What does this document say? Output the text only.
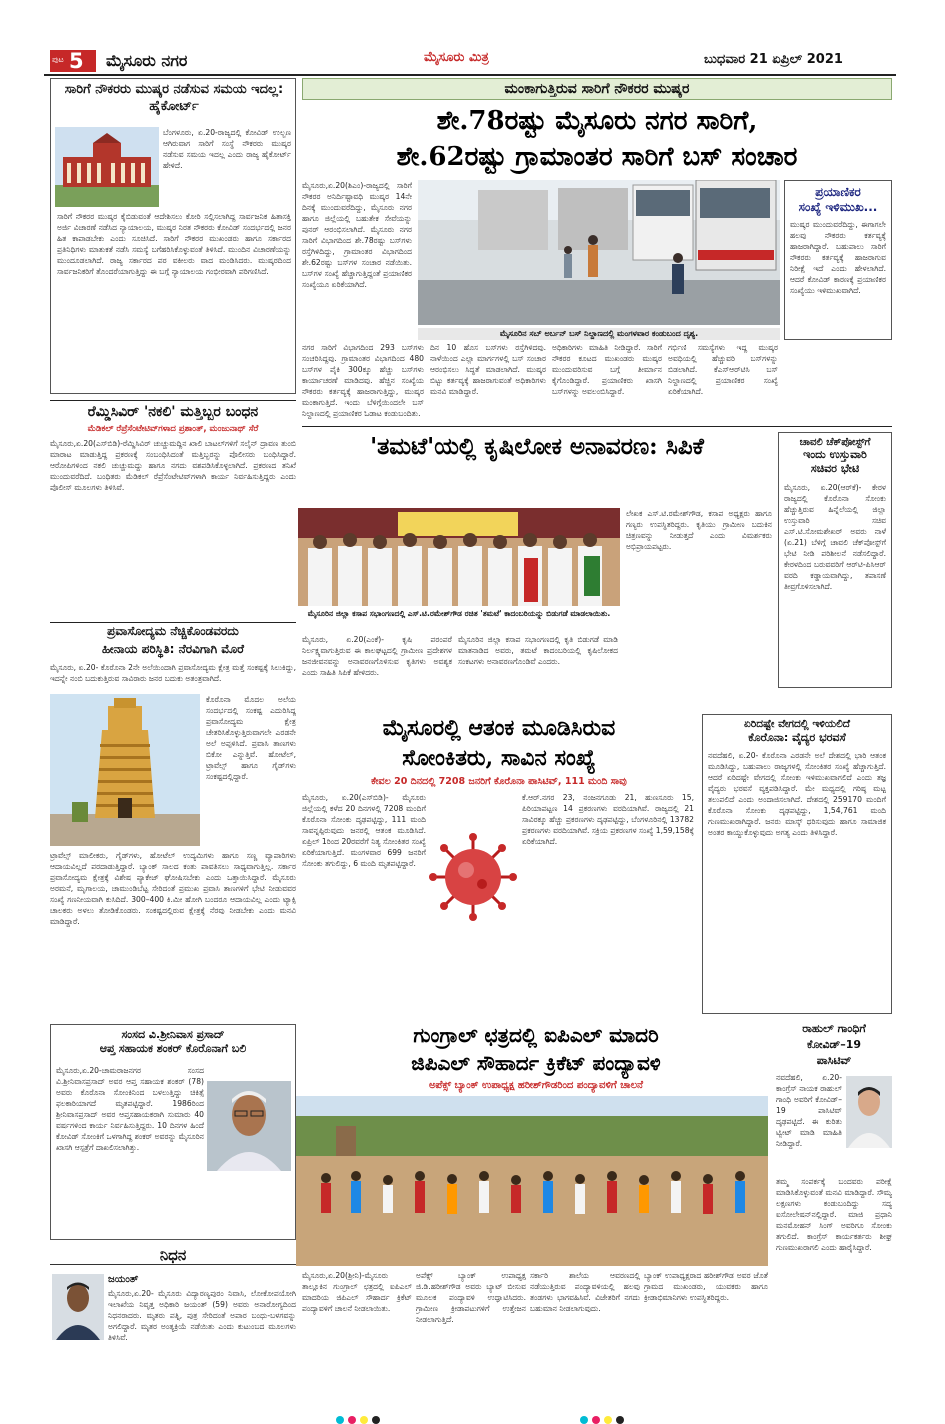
ಪುಟ 5 ಮೈಸೂರು ನಗರ	ಮೈಸೂರು ಮಿತ್ರ	ಬುಧವಾರ 21 ಏಪ್ರಿಲ್ 2021
ಸಾರಿಗೆ ನೌಕರರು ಮುಷ್ಕರ ನಡೆಸುವ ಸಮಯ ಇದಲ್ಲ: ಹೈಕೋರ್ಟ್
ಬೆಂಗಳೂರು, ಏ.20-ರಾಜ್ಯದಲ್ಲಿ ಕೋವಿಡ್ ಉಲ್ಬಣ ಆಗಿರುವಾಗ ಸಾರಿಗೆ ಸಂಸ್ಥೆ ನೌಕರರು ಮುಷ್ಕರ ನಡೆಸುವ ಸಮಯ ಇದಲ್ಲ ಎಂದು ರಾಜ್ಯ ಹೈಕೋರ್ಟ್ ಹೇಳಿದೆ.
ಸಾರಿಗೆ ನೌಕರರ ಮುಷ್ಕರ ಕೈಬಿಡುವಂತೆ ಆದೇಶಿಸಲು ಕೋರಿ ಸಲ್ಲಿಸಲಾಗಿದ್ದ ಸಾರ್ವಜನಿಕ ಹಿತಾಸಕ್ತಿ ಅರ್ಜಿ ವಿಚಾರಣೆ ನಡೆಸಿದ ನ್ಯಾಯಾಲಯ, ಮುಷ್ಕರ ನಿರತ ನೌಕರರು ಕೋವಿಡ್ ಸಂದರ್ಭದಲ್ಲಿ ಜನರ ಹಿತ ಕಾಪಾಡಬೇಕು ಎಂದು ಸೂಚಿಸಿದೆ. ಸಾರಿಗೆ ನೌಕರರ ಮುಖಂಡರು ಹಾಗೂ ಸರ್ಕಾರದ ಪ್ರತಿನಿಧಿಗಳು ಮಾತುಕತೆ ನಡೆಸಿ ಸಮಸ್ಯೆ ಬಗೆಹರಿಸಿಕೊಳ್ಳುವಂತೆ ತಿಳಿಸಿದೆ. ಮುಂದಿನ ವಿಚಾರಣೆಯನ್ನು ಮುಂದೂಡಲಾಗಿದೆ. ರಾಜ್ಯ ಸರ್ಕಾರದ ಪರ ವಕೀಲರು ವಾದ ಮಂಡಿಸಿದರು. ಮುಷ್ಕರದಿಂದ ಸಾರ್ವಜನಿಕರಿಗೆ ತೊಂದರೆಯಾಗುತ್ತಿದ್ದು ಈ ಬಗ್ಗೆ ನ್ಯಾಯಾಲಯ ಗಂಭೀರವಾಗಿ ಪರಿಗಣಿಸಿದೆ.
ಮಂಕಾಗುತ್ತಿರುವ ಸಾರಿಗೆ ನೌಕರರ ಮುಷ್ಕರ
ಶೇ.78ರಷ್ಟು ಮೈಸೂರು ನಗರ ಸಾರಿಗೆ,
ಶೇ.62ರಷ್ಟು ಗ್ರಾಮಾಂತರ ಸಾರಿಗೆ ಬಸ್ ಸಂಚಾರ
ಮೈಸೂರು,ಏ.20(ಶಿಎಂ)-ರಾಜ್ಯದಲ್ಲಿ ಸಾರಿಗೆ ನೌಕರರ ಅನಿರ್ದಿಷ್ಟಾವಧಿ ಮುಷ್ಕರ 14ನೇ ದಿನಕ್ಕೆ ಮುಂದುವರೆದಿದ್ದು, ಮೈಸೂರು ನಗರ ಹಾಗೂ ಜಿಲ್ಲೆಯಲ್ಲಿ ಬಹುತೇಕ ಸೇವೆಯನ್ನು ಪುನರ್ ಆರಂಭಿಸಲಾಗಿದೆ. ಮೈಸೂರು ನಗರ ಸಾರಿಗೆ ವಿಭಾಗದಿಂದ ಶೇ.78ರಷ್ಟು ಬಸ್‌ಗಳು ರಸ್ತೆಗಿಳಿದಿದ್ದು, ಗ್ರಾಮಾಂತರ ವಿಭಾಗದಿಂದ ಶೇ.62ರಷ್ಟು ಬಸ್‌ಗಳ ಸಂಚಾರ ನಡೆಯಿತು. ಬಸ್‌ಗಳ ಸಂಖ್ಯೆ ಹೆಚ್ಚಾಗುತ್ತಿದ್ದಂತೆ ಪ್ರಯಾಣಿಕರ ಸಂಖ್ಯೆಯೂ ಏರಿಕೆಯಾಗಿದೆ.
ಮೈಸೂರಿನ ಸಬ್ ಅರ್ಬನ್ ಬಸ್ ನಿಲ್ದಾಣದಲ್ಲಿ ಮಂಗಳವಾರ ಕಂಡುಬಂದ ದೃಶ್ಯ.
ನಗರ ಸಾರಿಗೆ ವಿಭಾಗದಿಂದ 293 ಬಸ್‌ಗಳು ಸಂಚರಿಸಿದ್ದವು. ಗ್ರಾಮಾಂತರ ವಿಭಾಗದಿಂದ 480 ಬಸ್‌ಗಳ ಪೈಕಿ 300ಕ್ಕೂ ಹೆಚ್ಚು ಬಸ್‌ಗಳು ಕಾರ್ಯಾಚರಣೆ ಮಾಡಿದವು. ಹೆಚ್ಚಿನ ಸಂಖ್ಯೆಯ ನೌಕರರು ಕರ್ತವ್ಯಕ್ಕೆ ಹಾಜರಾಗುತ್ತಿದ್ದು, ಮುಷ್ಕರ ಮಂಕಾಗುತ್ತಿದೆ. ಇಂದು ಬೆಳಿಗ್ಗೆಯಿಂದಲೇ ಬಸ್ ನಿಲ್ದಾಣದಲ್ಲಿ ಪ್ರಯಾಣಿಕರ ಓಡಾಟ ಕಂಡುಬಂದಿತು.
ದಿನ 10 ಹೊಸ ಬಸ್‌ಗಳು ರಸ್ತೆಗಿಳಿದವು. ನಾಳೆಯಿಂದ ಎಲ್ಲಾ ಮಾರ್ಗಗಳಲ್ಲಿ ಬಸ್ ಸಂಚಾರ ಆರಂಭಿಸಲು ಸಿದ್ಧತೆ ಮಾಡಲಾಗಿದೆ. ಮುಷ್ಕರ ಬಿಟ್ಟು ಕರ್ತವ್ಯಕ್ಕೆ ಹಾಜರಾಗುವಂತೆ ಅಧಿಕಾರಿಗಳು ಮನವಿ ಮಾಡಿದ್ದಾರೆ.
ಅಧಿಕಾರಿಗಳು ಮಾಹಿತಿ ನೀಡಿದ್ದಾರೆ. ಸಾರಿಗೆ ನೌಕರರ ಕೂಟದ ಮುಖಂಡರು ಮುಷ್ಕರ ಮುಂದುವರಿಸುವ ಬಗ್ಗೆ ತೀರ್ಮಾನ ಕೈಗೊಂಡಿದ್ದಾರೆ. ಪ್ರಯಾಣಿಕರು ಖಾಸಗಿ ಬಸ್‌ಗಳನ್ನು ಅವಲಂಬಿಸಿದ್ದಾರೆ.
ಗರ್ಭಿಣಿ ಸಮಸ್ಯೆಗಳು ಇದ್ದ ಮುಷ್ಕರ ಅವಧಿಯಲ್ಲಿ ಹೆಚ್ಚುವರಿ ಬಸ್‌ಗಳನ್ನು ಬಿಡಲಾಗಿದೆ. ಕೆಎಸ್‌ಆರ್‌ಟಿಸಿ ಬಸ್ ನಿಲ್ದಾಣದಲ್ಲಿ ಪ್ರಯಾಣಿಕರ ಸಂಖ್ಯೆ ಏರಿಕೆಯಾಗಿದೆ.
ಪ್ರಯಾಣಿಕರ
ಸಂಖ್ಯೆ ಇಳಿಮುಖ...
ಮುಷ್ಕರ ಮುಂದುವರೆದಿದ್ದು, ಈಗಾಗಲೇ ಹಲವು ನೌಕರರು ಕರ್ತವ್ಯಕ್ಕೆ ಹಾಜರಾಗಿದ್ದಾರೆ. ಬಹುಪಾಲು ಸಾರಿಗೆ ನೌಕರರು ಕರ್ತವ್ಯಕ್ಕೆ ಹಾಜರಾಗುವ ನಿರೀಕ್ಷೆ ಇದೆ ಎಂದು ಹೇಳಲಾಗಿದೆ. ಆದರೆ ಕೋವಿಡ್ ಕಾರಣಕ್ಕೆ ಪ್ರಯಾಣಿಕರ ಸಂಖ್ಯೆಯು ಇಳಿಮುಖವಾಗಿದೆ.
ರೆಮ್ಡಿಸಿವಿರ್ 'ನಕಲಿ' ಮತ್ತಿಬ್ಬರ ಬಂಧನ
ಮೆಡಿಕಲ್ ರೆಪ್ರೆಸೆಂಟೇಟಿವ್‌ಗಳಾದ ಪ್ರಶಾಂತ್, ಮಂಜುನಾಥ್ ಸೆರೆ
ಮೈಸೂರು,ಏ.20(ಎಸ್‌ಬಿಡಿ)-ರೆಮ್ಡಿಸಿವಿರ್ ಚುಚ್ಚುಮದ್ದಿನ ಖಾಲಿ ಬಾಟಲ್‌ಗಳಿಗೆ ಸಲೈನ್ ದ್ರಾವಣ ತುಂಬಿ ಮಾರಾಟ ಮಾಡುತ್ತಿದ್ದ ಪ್ರಕರಣಕ್ಕೆ ಸಂಬಂಧಿಸಿದಂತೆ ಮತ್ತಿಬ್ಬರನ್ನು ಪೊಲೀಸರು ಬಂಧಿಸಿದ್ದಾರೆ. ಆರೋಪಿಗಳಿಂದ ನಕಲಿ ಚುಚ್ಚುಮದ್ದು ಹಾಗೂ ನಗದು ವಶಪಡಿಸಿಕೊಳ್ಳಲಾಗಿದೆ. ಪ್ರಕರಣದ ತನಿಖೆ ಮುಂದುವರೆದಿದೆ. ಬಂಧಿತರು ಮೆಡಿಕಲ್ ರೆಪ್ರೆಸೆಂಟೇಟಿವ್‌ಗಳಾಗಿ ಕಾರ್ಯ ನಿರ್ವಹಿಸುತ್ತಿದ್ದರು ಎಂದು ಪೊಲೀಸ್ ಮೂಲಗಳು ತಿಳಿಸಿವೆ.
'ತಮಟೆ'ಯಲ್ಲಿ ಕೃಷಿಲೋಕ ಅನಾವರಣ: ಸಿಪಿಕೆ
ಮೈಸೂರಿನ ಜಿಲ್ಲಾ ಕಸಾಪ ಸಭಾಂಗಣದಲ್ಲಿ ಎಸ್.ಟಿ.ರಮೇಶ್‌ಗೌಡ ರಚಿತ 'ತಮಟೆ' ಕಾದಂಬರಿಯನ್ನು ಬಿಡುಗಡೆ ಮಾಡಲಾಯಿತು.
ಲೇಖಕ ಎಸ್.ಟಿ.ರಮೇಶ್‌ಗೌಡ, ಕಸಾಪ ಅಧ್ಯಕ್ಷರು ಹಾಗೂ ಗಣ್ಯರು ಉಪಸ್ಥಿತರಿದ್ದರು. ಕೃತಿಯು ಗ್ರಾಮೀಣ ಬದುಕಿನ ಚಿತ್ರಣವನ್ನು ನೀಡುತ್ತದೆ ಎಂದು ವಿಮರ್ಶಕರು ಅಭಿಪ್ರಾಯಪಟ್ಟರು.
ಮೈಸೂರು, ಏ.20(ಎಂಕೆ)- ಕೃಷಿ ಪರಂಪರೆ ನಿರ್ಲಕ್ಷ್ಯವಾಗುತ್ತಿರುವ ಈ ಕಾಲಘಟ್ಟದಲ್ಲಿ ಗ್ರಾಮೀಣ ಪ್ರದೇಶಗಳ ಜನಜೀವನವನ್ನು ಅನಾವರಣಗೊಳಿಸುವ ಕೃತಿಗಳು ಅವಶ್ಯಕ ಎಂದು ಸಾಹಿತಿ ಸಿಪಿಕೆ ಹೇಳಿದರು.
ಮೈಸೂರಿನ ಜಿಲ್ಲಾ ಕಸಾಪ ಸಭಾಂಗಣದಲ್ಲಿ ಕೃತಿ ಬಿಡುಗಡೆ ಮಾಡಿ ಮಾತನಾಡಿದ ಅವರು, ತಮಟೆ ಕಾದಂಬರಿಯಲ್ಲಿ ಕೃಷಿಲೋಕದ ಸಂಕಟಗಳು ಅನಾವರಣಗೊಂಡಿವೆ ಎಂದರು.
ಚಾವಲಿ ಚೆಕ್‌ಪೋಸ್ಟ್‌ಗೆ
ಇಂದು ಉಸ್ತುವಾರಿ
ಸಚಿವರ ಭೇಟಿ
ಮೈಸೂರು, ಏ.20(ಆರ್‌ಕೆ)- ಕೇರಳ ರಾಜ್ಯದಲ್ಲಿ ಕೊರೊನಾ ಸೋಂಕು ಹೆಚ್ಚುತ್ತಿರುವ ಹಿನ್ನೆಲೆಯಲ್ಲಿ ಜಿಲ್ಲಾ ಉಸ್ತುವಾರಿ ಸಚಿವ ಎಸ್.ಟಿ.ಸೋಮಶೇಖರ್ ಅವರು ನಾಳೆ (ಏ.21) ಬೆಳಿಗ್ಗೆ ಚಾವಲಿ ಚೆಕ್‌ಪೋಸ್ಟ್‌ಗೆ ಭೇಟಿ ನೀಡಿ ಪರಿಶೀಲನೆ ನಡೆಸಲಿದ್ದಾರೆ. ಕೇರಳದಿಂದ ಬರುವವರಿಗೆ ಆರ್‌ಟಿ-ಪಿಸಿಆರ್ ವರದಿ ಕಡ್ಡಾಯವಾಗಿದ್ದು, ತಪಾಸಣೆ ತೀವ್ರಗೊಳಿಸಲಾಗಿದೆ.
ಪ್ರವಾಸೋದ್ಯಮ ನೆಚ್ಚಿಕೊಂಡವರದು
ಹೀನಾಯ ಪರಿಸ್ಥಿತಿ: ನೆರವಿಗಾಗಿ ಮೊರೆ
ಮೈಸೂರು, ಏ.20- ಕೊರೊನಾ 2ನೇ ಅಲೆಯಿಂದಾಗಿ ಪ್ರವಾಸೋದ್ಯಮ ಕ್ಷೇತ್ರ ಮತ್ತೆ ಸಂಕಷ್ಟಕ್ಕೆ ಸಿಲುಕಿದ್ದು, ಇದನ್ನೇ ನಂಬಿ ಬದುಕುತ್ತಿರುವ ಸಾವಿರಾರು ಜನರ ಬದುಕು ಅತಂತ್ರವಾಗಿದೆ.
ಕೊರೊನಾ ಮೊದಲ ಅಲೆಯ ಸಂದರ್ಭದಲ್ಲಿ ಸಂಕಷ್ಟ ಎದುರಿಸಿದ್ದ ಪ್ರವಾಸೋದ್ಯಮ ಕ್ಷೇತ್ರ ಚೇತರಿಸಿಕೊಳ್ಳುತ್ತಿರುವಾಗಲೇ ಎರಡನೇ ಅಲೆ ಅಪ್ಪಳಿಸಿದೆ. ಪ್ರವಾಸಿ ತಾಣಗಳು ಬಿಕೋ ಎನ್ನುತ್ತಿವೆ. ಹೋಟೆಲ್, ಟ್ರಾವೆಲ್ಸ್ ಹಾಗೂ ಗೈಡ್‌ಗಳು ಸಂಕಷ್ಟದಲ್ಲಿದ್ದಾರೆ.
ಟ್ರಾವೆಲ್ಸ್ ಮಾಲೀಕರು, ಗೈಡ್‌ಗಳು, ಹೋಟೆಲ್ ಉದ್ಯಮಿಗಳು ಹಾಗೂ ಸಣ್ಣ ವ್ಯಾಪಾರಿಗಳು ಆದಾಯವಿಲ್ಲದೆ ಪರದಾಡುತ್ತಿದ್ದಾರೆ. ಬ್ಯಾಂಕ್ ಸಾಲದ ಕಂತು ಪಾವತಿಸಲು ಸಾಧ್ಯವಾಗುತ್ತಿಲ್ಲ. ಸರ್ಕಾರ ಪ್ರವಾಸೋದ್ಯಮ ಕ್ಷೇತ್ರಕ್ಕೆ ವಿಶೇಷ ಪ್ಯಾಕೇಜ್ ಘೋಷಿಸಬೇಕು ಎಂದು ಒತ್ತಾಯಿಸಿದ್ದಾರೆ. ಮೈಸೂರು ಅರಮನೆ, ಮೃಗಾಲಯ, ಚಾಮುಂಡಿಬೆಟ್ಟ ಸೇರಿದಂತೆ ಪ್ರಮುಖ ಪ್ರವಾಸಿ ತಾಣಗಳಿಗೆ ಭೇಟಿ ನೀಡುವವರ ಸಂಖ್ಯೆ ಗಣನೀಯವಾಗಿ ಕುಸಿದಿದೆ. 300–400 ಕಿ.ಮೀ ಹೋಗಿ ಬಂದರೂ ಆದಾಯವಿಲ್ಲ ಎಂದು ಟ್ಯಾಕ್ಸಿ ಚಾಲಕರು ಅಳಲು ತೋಡಿಕೊಂಡರು. ಸಂಕಷ್ಟದಲ್ಲಿರುವ ಕ್ಷೇತ್ರಕ್ಕೆ ನೆರವು ನೀಡಬೇಕು ಎಂದು ಮನವಿ ಮಾಡಿದ್ದಾರೆ.
ಮೈಸೂರಲ್ಲಿ ಆತಂಕ ಮೂಡಿಸಿರುವ
ಸೋಂಕಿತರು, ಸಾವಿನ ಸಂಖ್ಯೆ
ಕೇವಲ 20 ದಿನದಲ್ಲಿ 7208 ಜನರಿಗೆ ಕೊರೊನಾ ಪಾಸಿಟಿವ್, 111 ಮಂದಿ ಸಾವು
ಮೈಸೂರು, ಏ.20(ಎಸ್‌ಬಿಡಿ)- ಮೈಸೂರು ಜಿಲ್ಲೆಯಲ್ಲಿ ಕಳೆದ 20 ದಿನಗಳಲ್ಲಿ 7208 ಮಂದಿಗೆ ಕೊರೊನಾ ಸೋಂಕು ದೃಢಪಟ್ಟಿದ್ದು, 111 ಮಂದಿ ಸಾವನ್ನಪ್ಪಿರುವುದು ಜನರಲ್ಲಿ ಆತಂಕ ಮೂಡಿಸಿದೆ. ಏಪ್ರಿಲ್ 1ರಿಂದ 20ರವರೆಗೆ ನಿತ್ಯ ಸೋಂಕಿತರ ಸಂಖ್ಯೆ ಏರಿಕೆಯಾಗುತ್ತಿದೆ. ಮಂಗಳವಾರ 699 ಜನರಿಗೆ ಸೋಂಕು ತಗುಲಿದ್ದು, 6 ಮಂದಿ ಮೃತಪಟ್ಟಿದ್ದಾರೆ.
ಕೆ.ಆರ್.ನಗರ 23, ನಂಜನಗೂಡು 21, ಹುಣಸೂರು 15, ಪಿರಿಯಾಪಟ್ಟಣ 14 ಪ್ರಕರಣಗಳು ವರದಿಯಾಗಿವೆ. ರಾಜ್ಯದಲ್ಲಿ 21 ಸಾವಿರಕ್ಕೂ ಹೆಚ್ಚು ಪ್ರಕರಣಗಳು ದೃಢಪಟ್ಟಿದ್ದು, ಬೆಂಗಳೂರಿನಲ್ಲಿ 13782 ಪ್ರಕರಣಗಳು ವರದಿಯಾಗಿವೆ. ಸಕ್ರಿಯ ಪ್ರಕರಣಗಳ ಸಂಖ್ಯೆ 1,59,158ಕ್ಕೆ ಏರಿಕೆಯಾಗಿದೆ.
ಏರಿದಷ್ಟೇ ವೇಗದಲ್ಲಿ ಇಳಿಯಲಿದೆ
ಕೊರೊನಾ: ವೈದ್ಯರ ಭರವಸೆ
ನವದೆಹಲಿ, ಏ.20- ಕೊರೊನಾ ಎರಡನೇ ಅಲೆ ದೇಶದಲ್ಲಿ ಭಾರಿ ಆತಂಕ ಮೂಡಿಸಿದ್ದು, ಬಹುಪಾಲು ರಾಜ್ಯಗಳಲ್ಲಿ ಸೋಂಕಿತರ ಸಂಖ್ಯೆ ಹೆಚ್ಚಾಗುತ್ತಿದೆ. ಆದರೆ ಏರಿದಷ್ಟೇ ವೇಗದಲ್ಲಿ ಸೋಂಕು ಇಳಿಮುಖವಾಗಲಿದೆ ಎಂದು ತಜ್ಞ ವೈದ್ಯರು ಭರವಸೆ ವ್ಯಕ್ತಪಡಿಸಿದ್ದಾರೆ. ಮೇ ಮಧ್ಯದಲ್ಲಿ ಗರಿಷ್ಠ ಮಟ್ಟ ತಲುಪಲಿದೆ ಎಂದು ಅಂದಾಜಿಸಲಾಗಿದೆ. ದೇಶದಲ್ಲಿ 259170 ಮಂದಿಗೆ ಕೊರೊನಾ ಸೋಂಕು ದೃಢಪಟ್ಟಿದ್ದು, 1,54,761 ಮಂದಿ ಗುಣಮುಖರಾಗಿದ್ದಾರೆ. ಜನರು ಮಾಸ್ಕ್ ಧರಿಸುವುದು ಹಾಗೂ ಸಾಮಾಜಿಕ ಅಂತರ ಕಾಯ್ದುಕೊಳ್ಳುವುದು ಅಗತ್ಯ ಎಂದು ತಿಳಿಸಿದ್ದಾರೆ.
ಸಂಸದ ವಿ.ಶ್ರೀನಿವಾಸ ಪ್ರಸಾದ್
ಆಪ್ತ ಸಹಾಯಕ ಶಂಕರ್ ಕೊರೊನಾಗೆ ಬಲಿ
ಮೈಸೂರು,ಏ.20-ಚಾಮರಾಜನಗರ ಸಂಸದ ವಿ.ಶ್ರೀನಿವಾಸಪ್ರಸಾದ್ ಅವರ ಆಪ್ತ ಸಹಾಯಕ ಶಂಕರ್ (78) ಅವರು ಕೊರೊನಾ ಸೋಂಕಿನಿಂದ ಬಳಲುತ್ತಿದ್ದು ಚಿಕಿತ್ಸೆ ಫಲಕಾರಿಯಾಗದೆ ಮೃತಪಟ್ಟಿದ್ದಾರೆ. 1986ರಿಂದ ಶ್ರೀನಿವಾಸಪ್ರಸಾದ್ ಅವರ ಆಪ್ತಸಹಾಯಕರಾಗಿ ಸುಮಾರು 40 ವರ್ಷಗಳಿಂದ ಕಾರ್ಯ ನಿರ್ವಹಿಸುತ್ತಿದ್ದರು. 10 ದಿನಗಳ ಹಿಂದೆ ಕೋವಿಡ್ ಸೋಂಕಿಗೆ ಒಳಗಾಗಿದ್ದ ಶಂಕರ್ ಅವರನ್ನು ಮೈಸೂರಿನ ಖಾಸಗಿ ಆಸ್ಪತ್ರೆಗೆ ದಾಖಲಿಸಲಾಗಿತ್ತು.
ನಿಧನ
ಜಯಂತ್
ಮೈಸೂರು,ಏ.20- ಮೈಸೂರು ವಿದ್ಯಾರಣ್ಯಪುರಂ ನಿವಾಸಿ, ಲೋಕೋಪಯೋಗಿ ಇಲಾಖೆಯ ನಿವೃತ್ತ ಅಧಿಕಾರಿ ಜಯಂತ್ (59) ಅವರು ಅನಾರೋಗ್ಯದಿಂದ ನಿಧನರಾದರು. ಮೃತರು ಪತ್ನಿ, ಪುತ್ರ ಸೇರಿದಂತೆ ಅಪಾರ ಬಂಧು-ಬಳಗವನ್ನು ಅಗಲಿದ್ದಾರೆ. ಮೃತರ ಅಂತ್ಯಕ್ರಿಯೆ ನಡೆಯಿತು ಎಂದು ಕುಟುಂಬದ ಮೂಲಗಳು ತಿಳಿಸಿವೆ.
ಗುಂಗ್ರಾಲ್ ಛತ್ರದಲ್ಲಿ ಐಪಿಎಲ್ ಮಾದರಿ
ಜಿಪಿಎಲ್ ಸೌಹಾರ್ದ ಕ್ರಿಕೆಟ್ ಪಂದ್ಯಾವಳಿ
ಅಪೆಕ್ಸ್ ಬ್ಯಾಂಕ್ ಉಪಾಧ್ಯಕ್ಷ ಹರೀಶ್‌ಗೌಡರಿಂದ ಪಂದ್ಯಾವಳಿಗೆ ಚಾಲನೆ
ಮೈಸೂರು,ಏ.20(ಶ್ರೀನಿ)-ಮೈಸೂರು ತಾಲ್ಲೂಕಿನ ಗುಂಗ್ರಾಲ್ ಛತ್ರದಲ್ಲಿ ಐಪಿಎಲ್ ಮಾದರಿಯ ಜಿಪಿಎಲ್ ಸೌಹಾರ್ದ ಕ್ರಿಕೆಟ್ ಪಂದ್ಯಾವಳಿಗೆ ಚಾಲನೆ ನೀಡಲಾಯಿತು.
ಅಪೆಕ್ಸ್ ಬ್ಯಾಂಕ್ ಉಪಾಧ್ಯಕ್ಷ ಜಿ.ಡಿ.ಹರೀಶ್‌ಗೌಡ ಅವರು ಬ್ಯಾಟ್ ಬೀಸುವ ಮೂಲಕ ಪಂದ್ಯಾವಳಿ ಉದ್ಘಾಟಿಸಿದರು. ಗ್ರಾಮೀಣ ಕ್ರೀಡಾಪಟುಗಳಿಗೆ ಉತ್ತೇಜನ ನೀಡಲಾಗುತ್ತಿದೆ.
ಸರ್ಕಾರಿ ಶಾಲೆಯ ಆವರಣದಲ್ಲಿ ನಡೆಯುತ್ತಿರುವ ಪಂದ್ಯಾವಳಿಯಲ್ಲಿ ಹಲವು ತಂಡಗಳು ಭಾಗವಹಿಸಿವೆ. ವಿಜೇತರಿಗೆ ನಗದು ಬಹುಮಾನ ನೀಡಲಾಗುವುದು.
ಬ್ಯಾಂಕ್ ಉಪಾಧ್ಯಕ್ಷರಾದ ಹರೀಶ್‌ಗೌಡ ಅವರ ಜೊತೆ ಗ್ರಾಮದ ಮುಖಂಡರು, ಯುವಕರು ಹಾಗೂ ಕ್ರೀಡಾಭಿಮಾನಿಗಳು ಉಪಸ್ಥಿತರಿದ್ದರು.
ರಾಹುಲ್ ಗಾಂಧಿಗೆ
ಕೋವಿಡ್–19
ಪಾಸಿಟಿವ್
ನವದೆಹಲಿ, ಏ.20-ಕಾಂಗ್ರೆಸ್ ನಾಯಕ ರಾಹುಲ್ ಗಾಂಧಿ ಅವರಿಗೆ ಕೋವಿಡ್–19 ಪಾಸಿಟಿವ್ ದೃಢಪಟ್ಟಿದೆ. ಈ ಕುರಿತು ಟ್ವೀಟ್ ಮಾಡಿ ಮಾಹಿತಿ ನೀಡಿದ್ದಾರೆ.
ತಮ್ಮ ಸಂಪರ್ಕಕ್ಕೆ ಬಂದವರು ಪರೀಕ್ಷೆ ಮಾಡಿಸಿಕೊಳ್ಳುವಂತೆ ಮನವಿ ಮಾಡಿದ್ದಾರೆ. ಸೌಮ್ಯ ಲಕ್ಷಣಗಳು ಕಂಡುಬಂದಿದ್ದು ಸದ್ಯ ಐಸೋಲೇಷನ್‌ನಲ್ಲಿದ್ದಾರೆ. ಮಾಜಿ ಪ್ರಧಾನಿ ಮನಮೋಹನ್ ಸಿಂಗ್ ಅವರಿಗೂ ಸೋಂಕು ತಗುಲಿದೆ. ಕಾಂಗ್ರೆಸ್ ಕಾರ್ಯಕರ್ತರು ಶೀಘ್ರ ಗುಣಮುಖರಾಗಲಿ ಎಂದು ಹಾರೈಸಿದ್ದಾರೆ.
